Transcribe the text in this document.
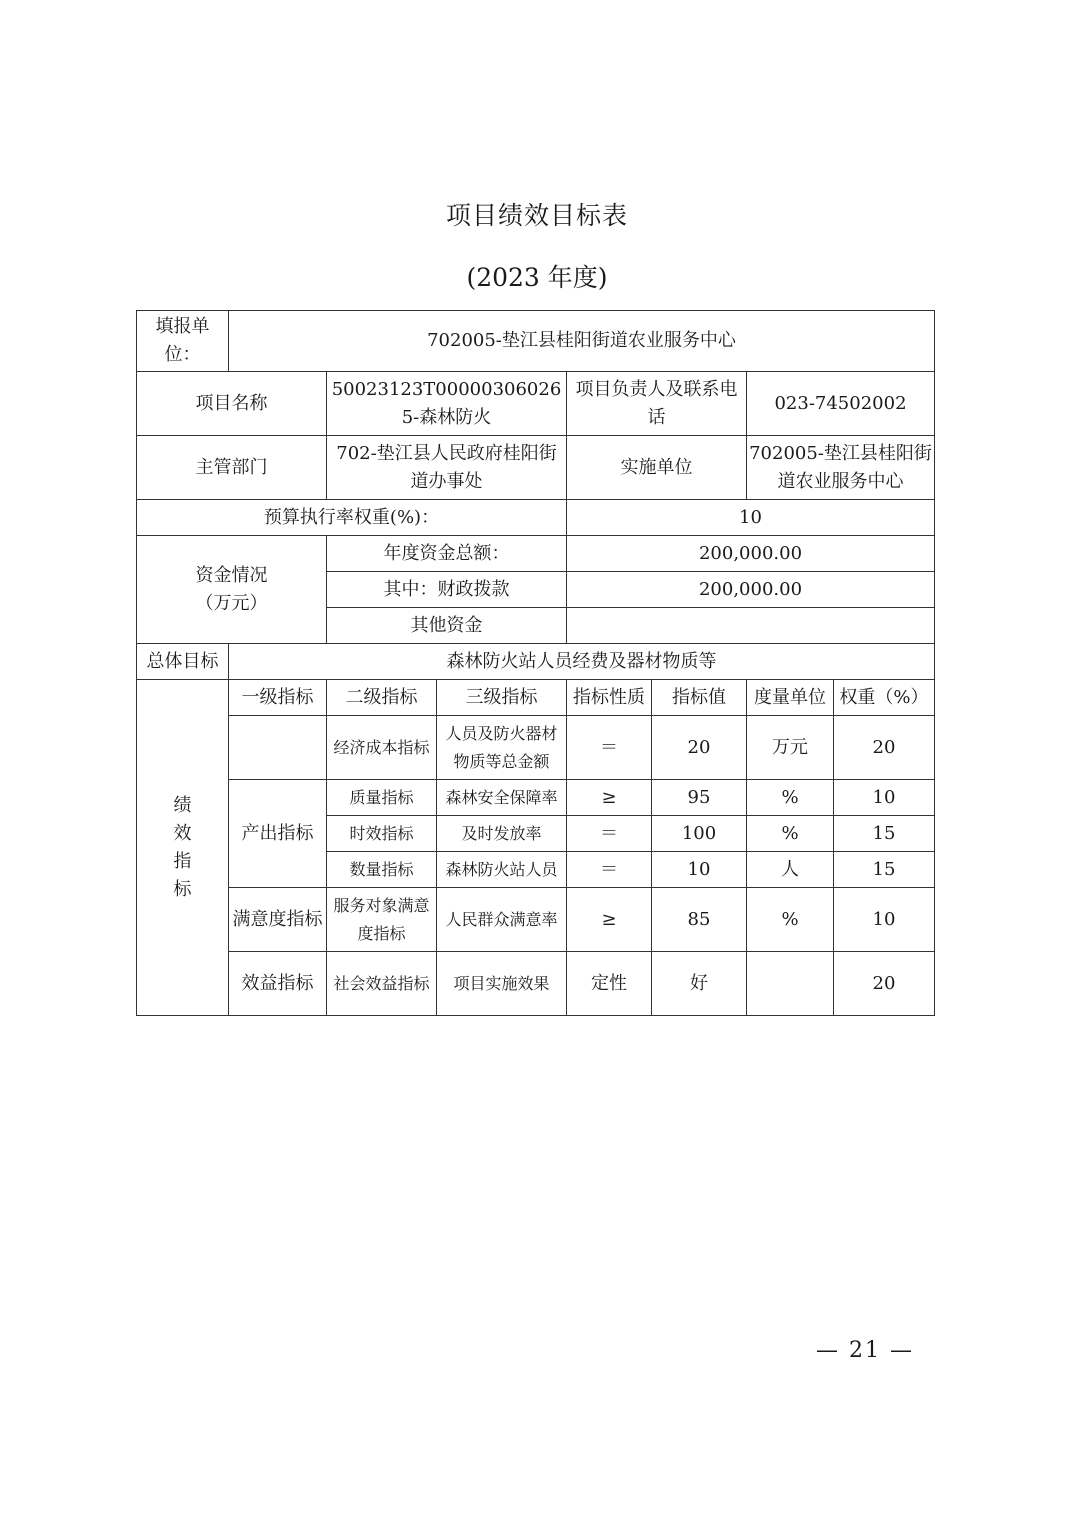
项目绩效目标表
(2023 年度)
填报单位：	702005-垫江县桂阳街道农业服务中心						
项目名称		50023123T000003060265-森林防火		项目负责人及联系电话		023-74502002	
主管部门		702-垫江县人民政府桂阳街道办事处		实施单位		702005-垫江县桂阳街道农业服务中心	
预算执行率权重(%)：				10			
资金情况（万元）		年度资金总额：		200,000.00			
		其中：财政拨款		200,000.00			
		其他资金					
总体目标	森林防火站人员经费及器材物质等						
绩效指标	一级指标	二级指标	三级指标	指标性质	指标值	度量单位	权重（%）
		经济成本指标	人员及防火器材物质等总金额	＝	20	万元	20
	产出指标	质量指标	森林安全保障率	≥	95	%	10
		时效指标	及时发放率	＝	100	%	15
		数量指标	森林防火站人员	＝	10	人	15
	满意度指标	服务对象满意度指标	人民群众满意率	≥	85	%	10
	效益指标	社会效益指标	项目实施效果	定性	好		20
— 21 —
